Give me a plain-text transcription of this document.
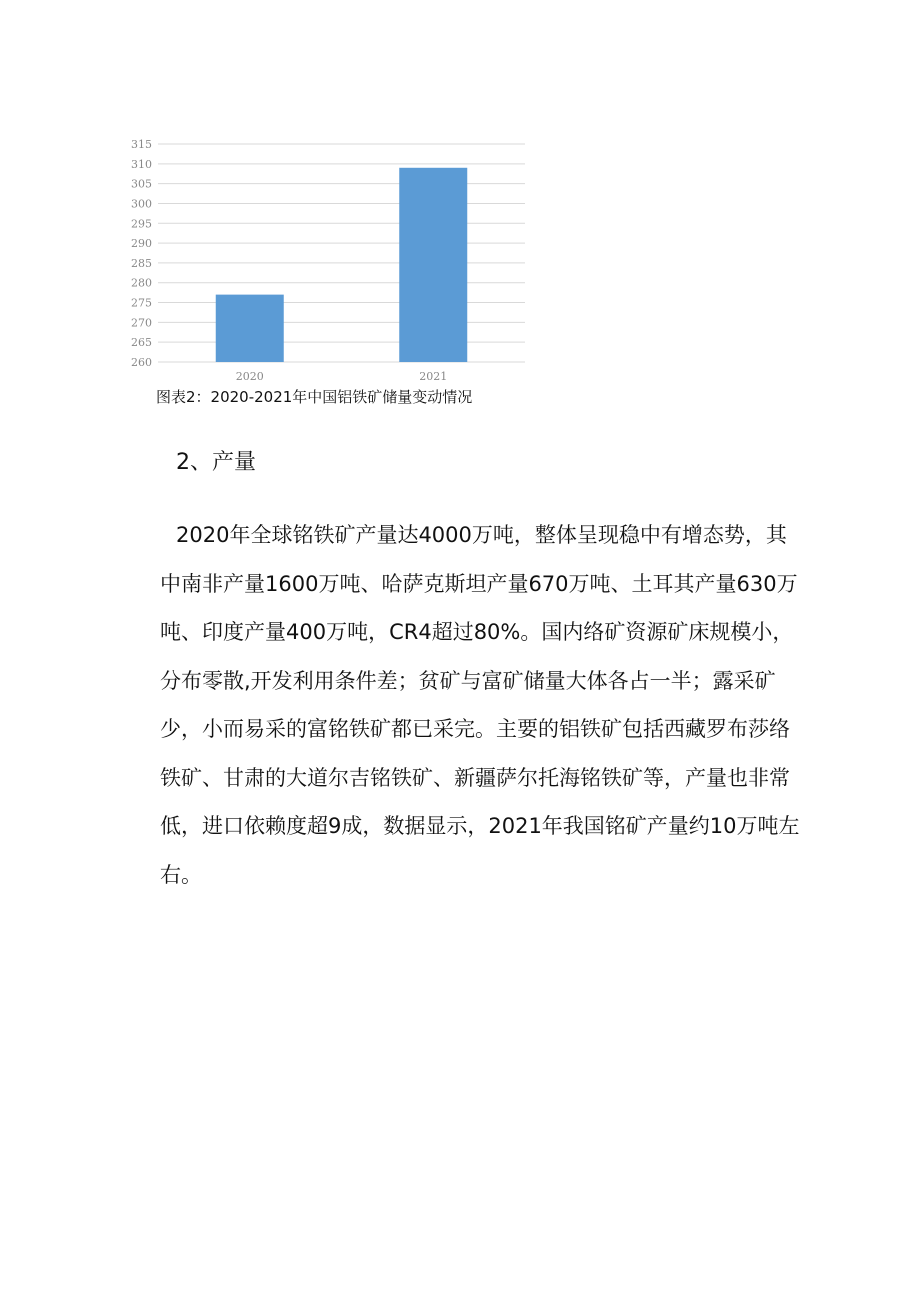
260
265
270
275
280
285
290
295
300
305
310
315
2020	2021
图表2：2020-2021年中国铝铁矿储量变动情况
2、产量
2020年全球铭铁矿产量达4000万吨，整体呈现稳中有增态势，其中南非产量1600万吨、哈萨克斯坦产量670万吨、土耳其产量630万吨、印度产量400万吨，CR4超过80%。国内络矿资源矿床规模小，分布零散,开发利用条件差；贫矿与富矿储量大体各占一半；露采矿少，小而易采的富铭铁矿都已采完。主要的铝铁矿包括西藏罗布莎络铁矿、甘肃的大道尔吉铭铁矿、新疆萨尔托海铭铁矿等，产量也非常低，进口依赖度超9成，数据显示，2021年我国铭矿产量约10万吨左右。
